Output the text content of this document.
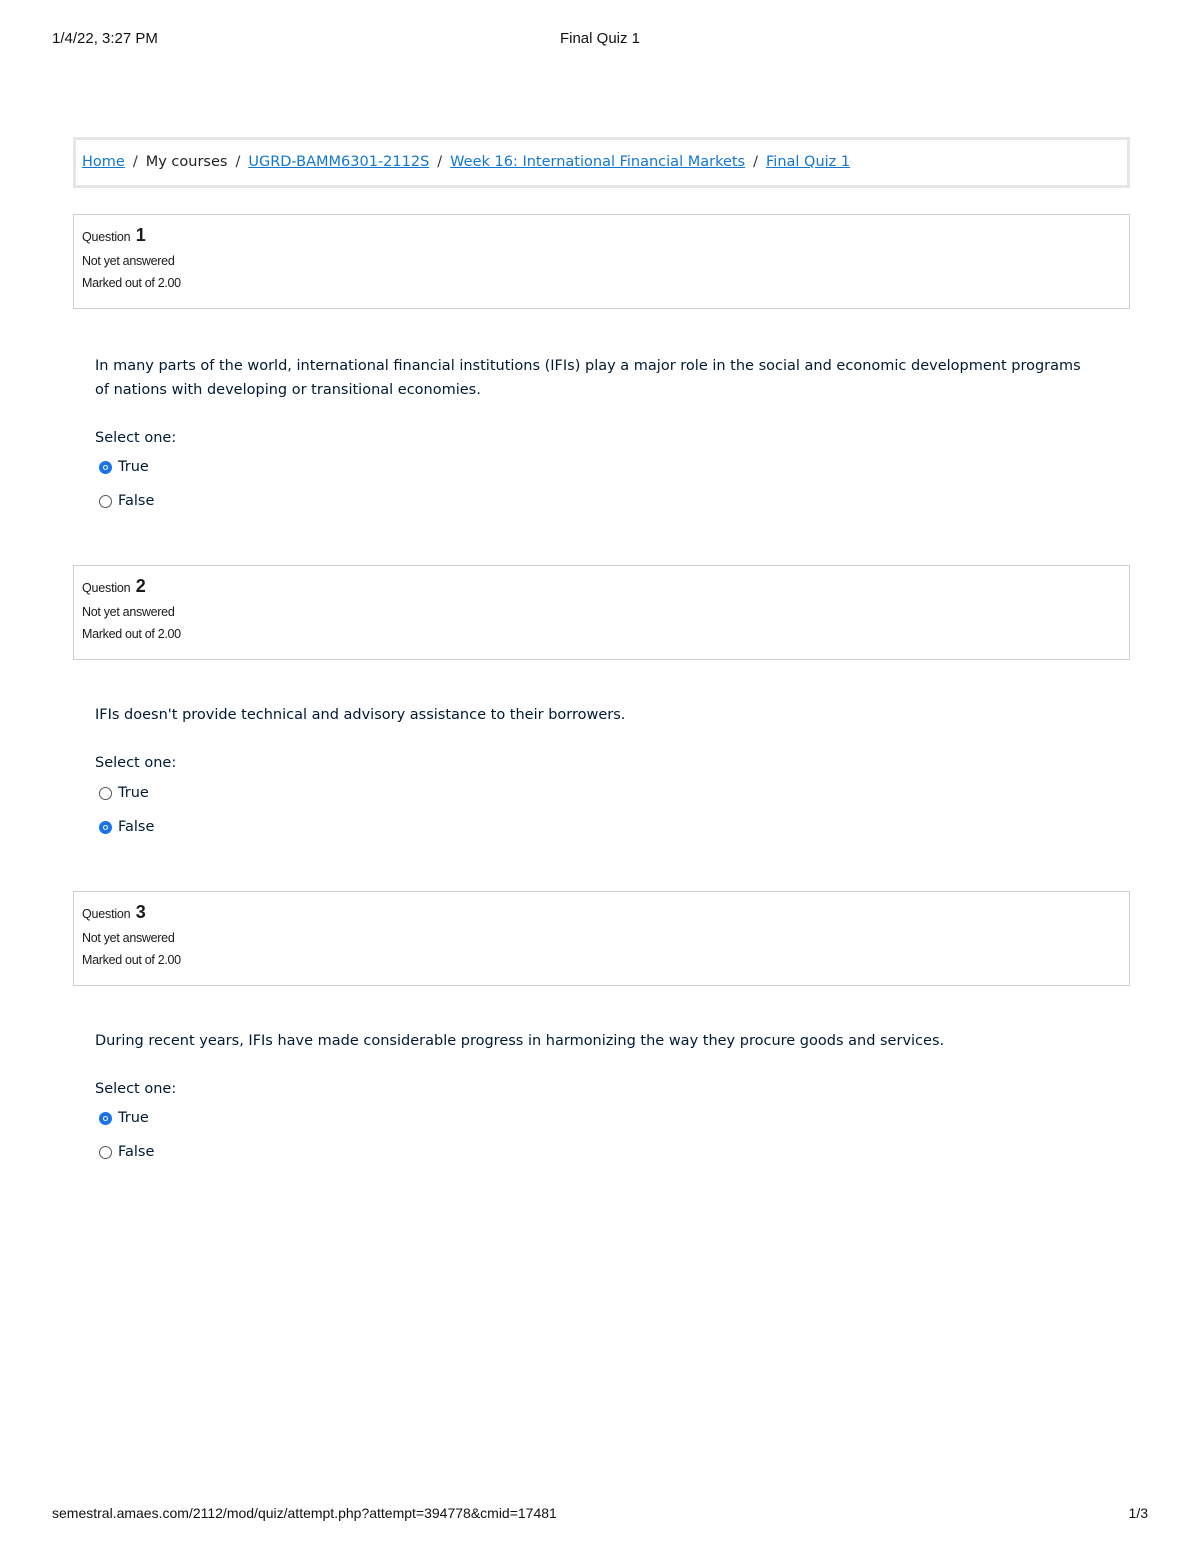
1/4/22, 3:27 PM	Final Quiz 1
Home / My courses / UGRD-BAMM6301-2112S / Week 16: International Financial Markets / Final Quiz 1
Question 1
Not yet answered
Marked out of 2.00
In many parts of the world, international financial institutions (IFIs) play a major role in the social and economic development programs of nations with developing or transitional economies.
Select one:
True
False
Question 2
Not yet answered
Marked out of 2.00
IFIs doesn't provide technical and advisory assistance to their borrowers.
Select one:
True
False
Question 3
Not yet answered
Marked out of 2.00
During recent years, IFIs have made considerable progress in harmonizing the way they procure goods and services.
Select one:
True
False
semestral.amaes.com/2112/mod/quiz/attempt.php?attempt=394778&cmid=17481	1/3
